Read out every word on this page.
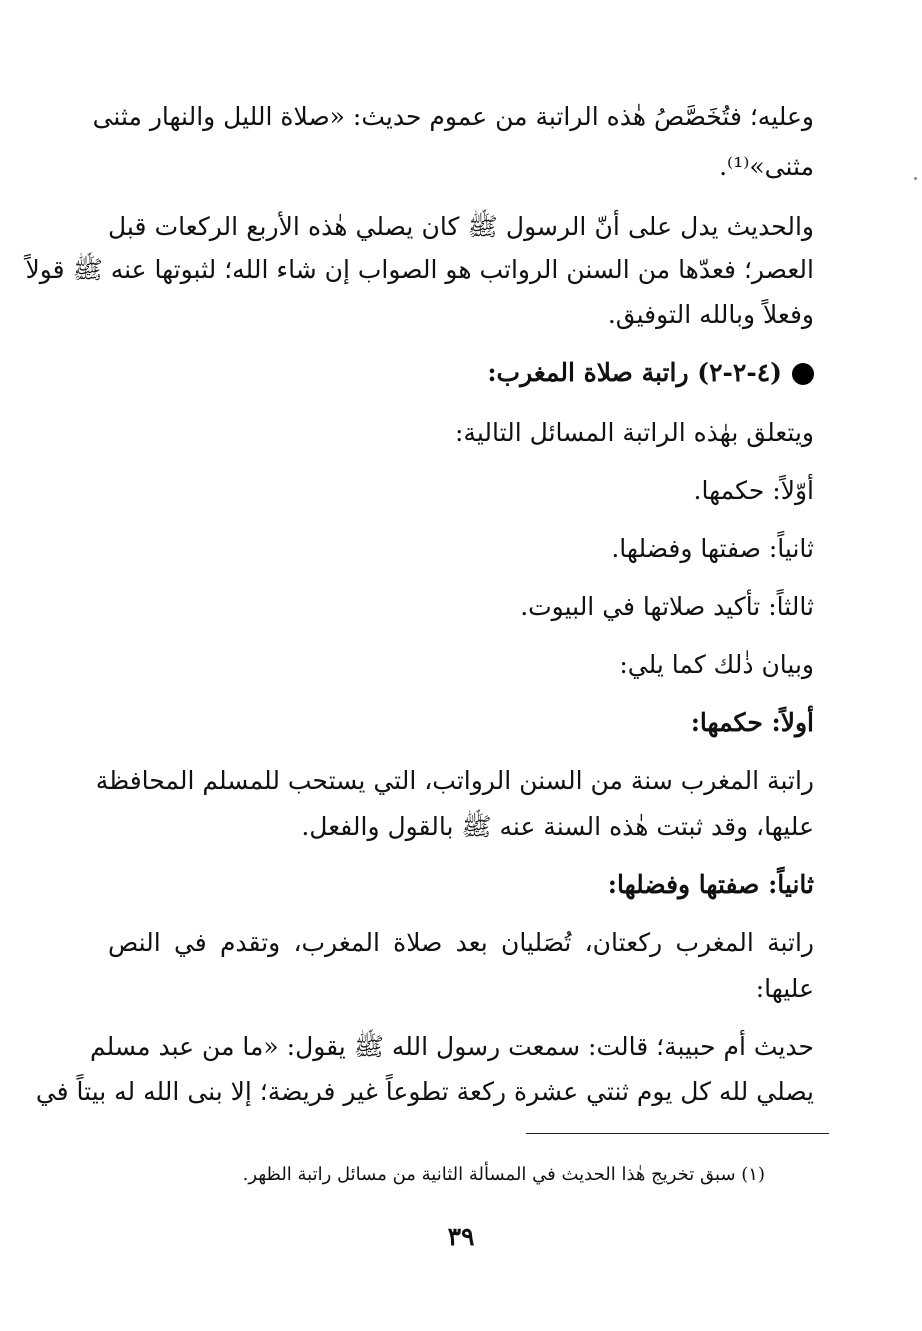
وعليه؛ فتُخَصَّصُ هٰذه الراتبة من عموم حديث: «صلاة الليل والنهار مثنى
مثنى»⁽¹⁾.
والحديث يدل على أنّ الرسول ﷺ كان يصلي هٰذه الأربع الركعات قبل
العصر؛ فعدّها من السنن الرواتب هو الصواب إن شاء الله؛ لثبوتها عنه ﷺ قولاً
وفعلاً وبالله التوفيق.
(٤-٢-٢) راتبة صلاة المغرب:
ويتعلق بهٰذه الراتبة المسائل التالية:
أوّلاً: حكمها.
ثانياً: صفتها وفضلها.
ثالثاً: تأكيد صلاتها في البيوت.
وبيان ذٰلك كما يلي:
أولاً: حكمها:
راتبة المغرب سنة من السنن الرواتب، التي يستحب للمسلم المحافظة
عليها، وقد ثبتت هٰذه السنة عنه ﷺ بالقول والفعل.
ثانياً: صفتها وفضلها:
راتبة المغرب ركعتان، تُصَليان بعد صلاة المغرب، وتقدم في النص
عليها:
حديث أم حبيبة؛ قالت: سمعت رسول الله ﷺ يقول: «ما من عبد مسلم
يصلي لله كل يوم ثنتي عشرة ركعة تطوعاً غير فريضة؛ إلا بنى الله له بيتاً في
(١) سبق تخريج هٰذا الحديث في المسألة الثانية من مسائل راتبة الظهر.
٣٩
